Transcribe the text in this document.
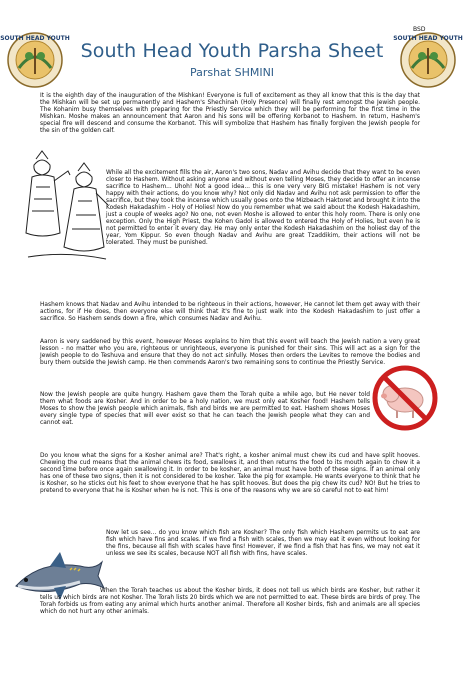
SOUTH HEAD YOUTH	SOUTH HEAD YOUTH
BSD
South Head Youth Parsha Sheet
Parshat SHMINI

It is the eighth day of the inauguration of the Mishkan! Everyone is full of excitement as they all know that this is the day that the Mishkan will be set up permanently and Hashem's Shechinah (Holy Presence) will finally rest amongst the Jewish people. The Kohanim busy themselves with preparing for the Priestly Service which they will be performing for the first time in the Mishkan. Moshe makes an announcement that Aaron and his sons will be offering Korbanot to Hashem. In return, Hashem's special fire will descend and consume the Korbanot. This will symbolize that Hashem has finally forgiven the Jewish people for the sin of the golden calf.

While all the excitement fills the air, Aaron's two sons, Nadav and Avihu decide that they want to be even closer to Hashem. Without asking anyone and without even telling Moses, they decide to offer an incense sacrifice to Hashem... Uhoh! Not a good idea... this is one very very BIG mistake! Hashem is not very happy with their actions, do you know why? Not only did Nadav and Avihu not ask permission to offer the sacrifice, but they took the incense which usually goes onto the Mizbeach Haktoret and brought it into the Kodesh Hakadashim - Holy of Holies! Now do you remember what we said about the Kodesh Hakadashim, just a couple of weeks ago? No one, not even Moshe is allowed to enter this holy room. There is only one exception. Only the High Priest, the Kohen Gadol is allowed to entered the Holy of Holies, but even he is not permitted to enter it every day. He may only enter the Kodesh Hakadashim on the holiest day of the year, Yom Kippur. So even though Nadav and Avihu are great Tzaddikim, their actions will not be tolerated. They must be punished.

Hashem knows that Nadav and Avihu intended to be righteous in their actions, however, He cannot let them get away with their actions, for if He does, then everyone else will think that it's fine to just walk into the Kodesh Hakadashim to just offer a sacrifice. So Hashem sends down a fire, which consumes Nadav and Avihu.

Aaron is very saddened by this event, however Moses explains to him that this event will teach the Jewish nation a very great lesson - no matter who you are, righteous or unrighteous, everyone is punished for their sins. This will act as a sign for the Jewish people to do Teshuva and ensure that they do not act sinfully. Moses then orders the Levites to remove the bodies and bury them outside the Jewish camp. He then commends Aaron's two remaining sons to continue the Priestly Service.

Now the Jewish people are quite hungry. Hashem gave them the Torah quite a while ago, but He never told them what foods are Kosher. And in order to be a holy nation, we must only eat Kosher food! Hashem tells Moses to show the Jewish people which animals, fish and birds we are permitted to eat. Hashem shows Moses every single type of species that will ever exist so that he can teach the Jewish people what they can and cannot eat.

Do you know what the signs for a Kosher animal are? That's right, a kosher animal must chew its cud and have split hooves. Chewing the cud means that the animal chews its food, swallows it, and then returns the food to its mouth again to chew it a second time before once again swallowing it. In order to be kosher, an animal must have both of these signs. If an animal only has one of these two signs, then it is not considered to be kosher. Take the pig for example. He wants everyone to think that he is Kosher, so he sticks out his feet to show everyone that he has split hooves. But does the pig chew its cud? NO! But he tries to pretend to everyone that he is Kosher when he is not. This is one of the reasons why we are so careful not to eat him!

Now let us see... do you know which fish are Kosher? The only fish which Hashem permits us to eat are fish which have fins and scales. If we find a fish with scales, then we may eat it even without looking for the fins, because all fish with scales have fins! However, if we find a fish that has fins, we may not eat it unless we see its scales, because NOT all fish with fins, have scales.

When the Torah teaches us about the Kosher birds, it does not tell us which birds are Kosher, but rather it tells us which birds are not Kosher. The Torah lists 20 birds which we are not permitted to eat. These birds are birds of prey. The Torah forbids us from eating any animal which hurts another animal. Therefore all Kosher birds, fish and animals are all species which do not hurt any other animals.
